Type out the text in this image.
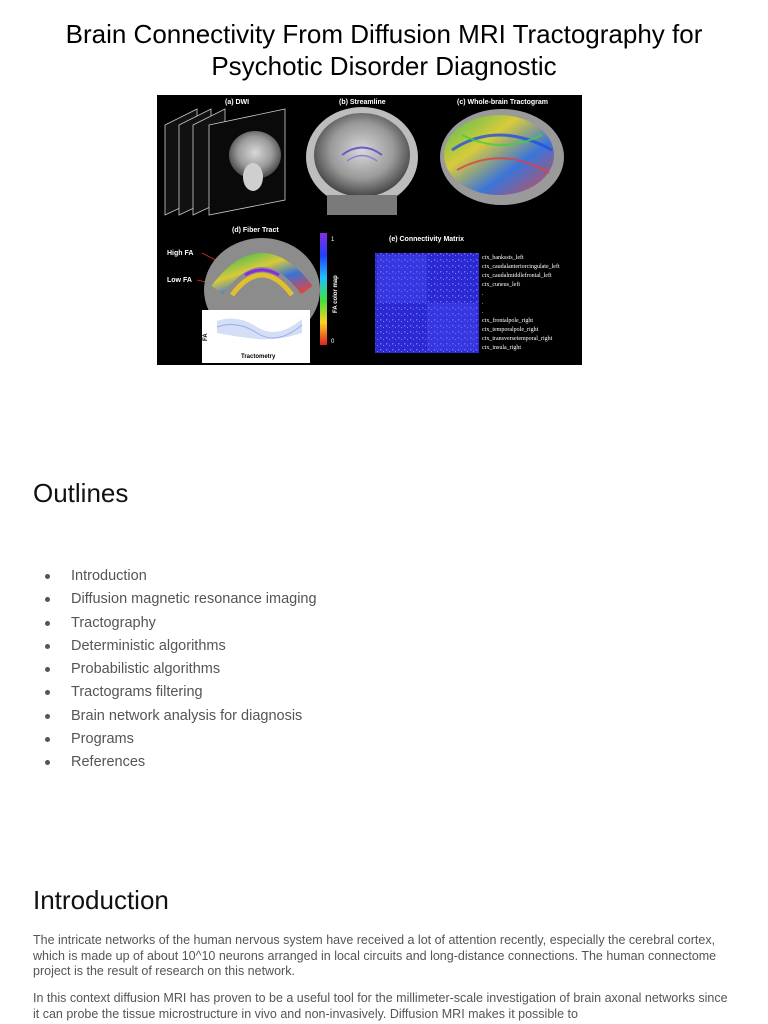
Brain Connectivity From Diffusion MRI Tractography for
Psychotic Disorder Diagnostic
(a) DWI	(b) Streamline	(c) Whole-brain Tractogram
(d) Fiber Tract
High FA
Low FA
FA
Tractometry
1
0
FA color map
(e) Connectivity Matrix
ctx_bankssts_left
ctx_caudalanteriorcingulate_left
ctx_caudalmiddlefrontal_left
ctx_cuneus_left
.
.
.
ctx_frontalpole_right
ctx_temporalpole_right
ctx_transversetemporal_right
ctx_insula_right
Outlines
Introduction
Diffusion magnetic resonance imaging
Tractography
Deterministic algorithms
Probabilistic algorithms
Tractograms filtering
Brain network analysis for diagnosis
Programs
References
Introduction

The intricate networks of the human nervous system have received a lot of attention recently, especially the cerebral cortex, which is made up of about 10^10 neurons arranged in local circuits and long-distance connections. The human connectome project is the result of research on this network.

In this context diffusion MRI has proven to be a useful tool for the millimeter-scale investigation of brain axonal networks since it can probe the tissue microstructure in vivo and non-invasively. Diffusion MRI makes it possible to
